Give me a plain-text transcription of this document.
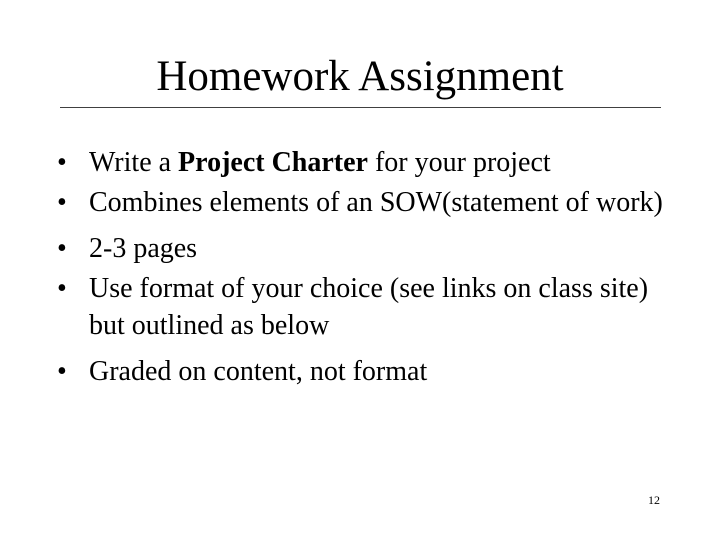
Homework Assignment
• Write a Project Charter for your project
• Combines elements of an SOW(statement of work)
• 2-3 pages
• Use format of your choice (see links on class site) but outlined as below
• Graded on content, not format
12
